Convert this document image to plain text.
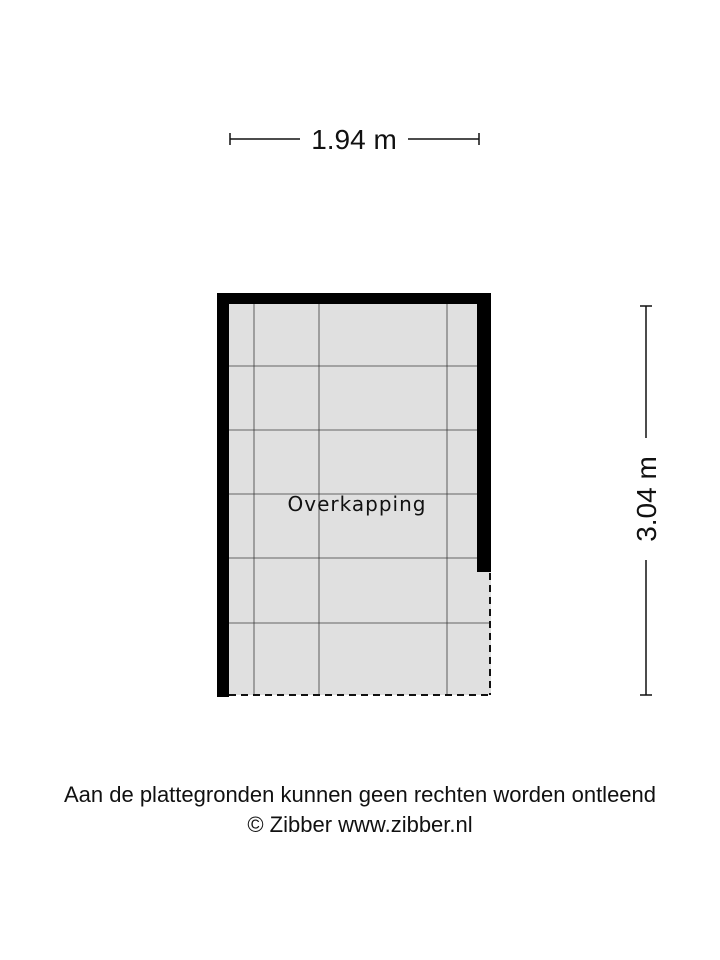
1.94 m
3.04 m
Overkapping
Aan de plattegronden kunnen geen rechten worden ontleend
© Zibber www.zibber.nl
